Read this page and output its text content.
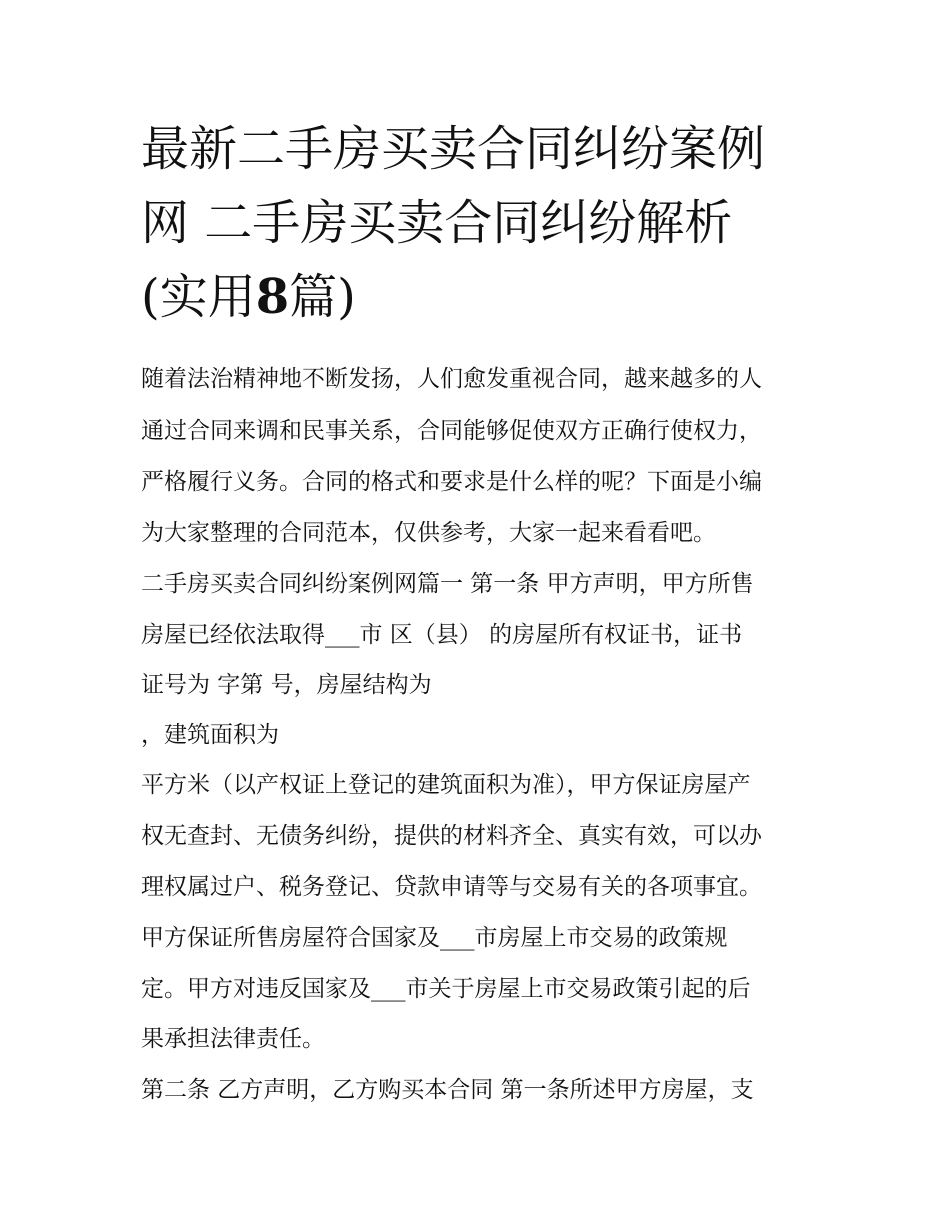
最新二手房买卖合同纠纷案例
网 二手房买卖合同纠纷解析
(实用8篇)

随着法治精神地不断发扬，人们愈发重视合同，越来越多的人

通过合同来调和民事关系，合同能够促使双方正确行使权力，

严格履行义务。合同的格式和要求是什么样的呢？下面是小编

为大家整理的合同范本，仅供参考，大家一起来看看吧。

二手房买卖合同纠纷案例网篇一 第一条 甲方声明，甲方所售

房屋已经依法取得___市 区（县） 的房屋所有权证书，证书

证号为 字第 号，房屋结构为

，建筑面积为

平方米（以产权证上登记的建筑面积为准），甲方保证房屋产

权无查封、无债务纠纷，提供的材料齐全、真实有效，可以办

理权属过户、税务登记、贷款申请等与交易有关的各项事宜。

甲方保证所售房屋符合国家及___市房屋上市交易的政策规

定。甲方对违反国家及___市关于房屋上市交易政策引起的后

果承担法律责任。

第二条 乙方声明，乙方购买本合同 第一条所述甲方房屋，支
